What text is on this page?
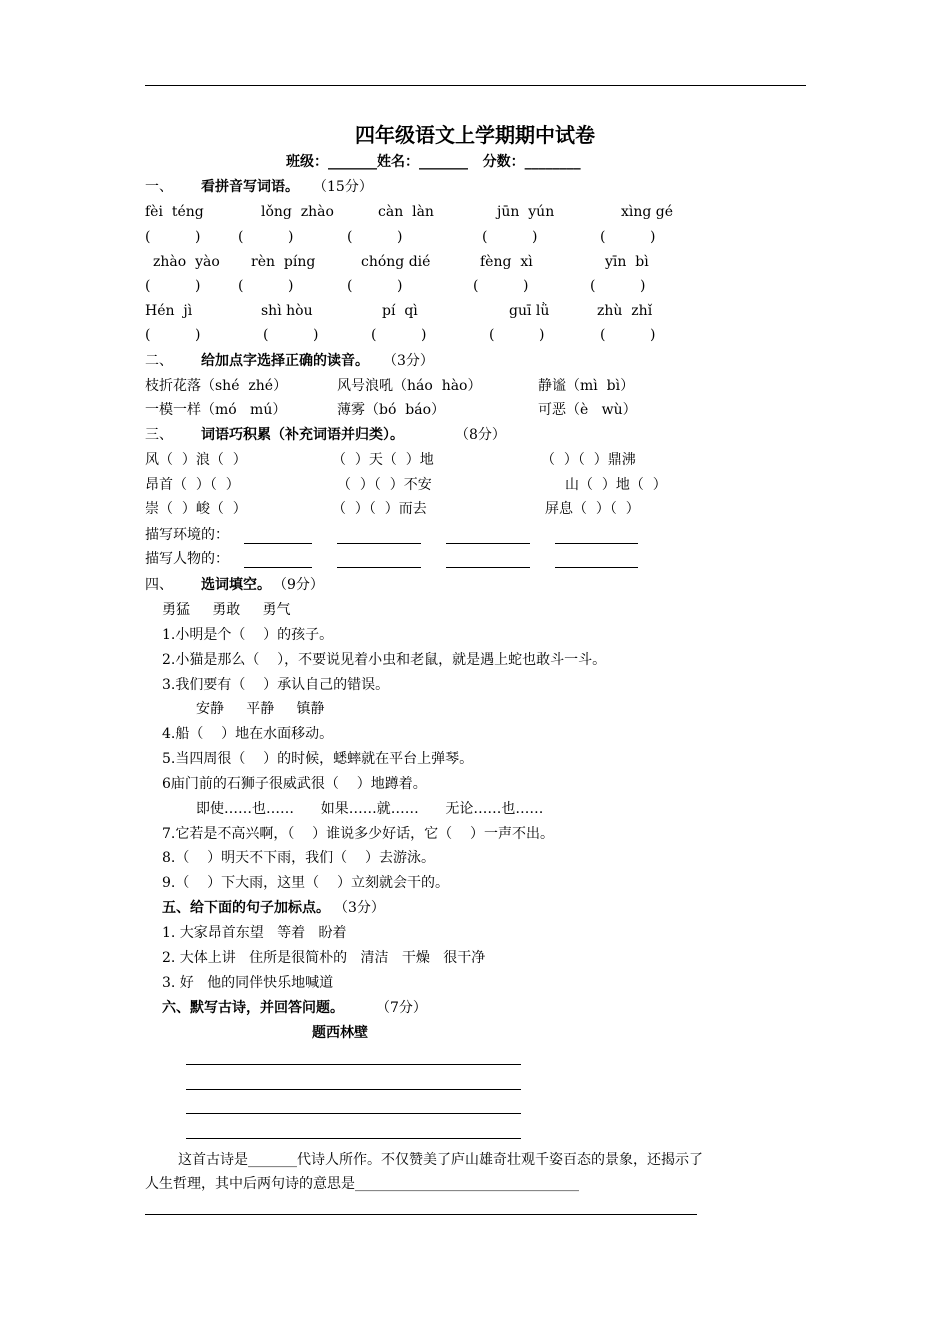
四年级语文上学期期中试卷
班级：_______姓名：_______   分数：________
一、 看拼音写词语。 （15分）
fèi  téng	lǒng  zhào	càn  làn	jūn  yún	xìng gé
(          )	(          )	(          )	(          )	(          )
zhào  yào rèn  píng	chóng dié	fèng  xì	yīn  bì
(          )	(          )	(          )	(          )	(          )
Hén  jì	shì hòu	pí  qì	guī lǜ	zhù  zhǐ
(          )	(          )	(          )	(          )	(          )
二、 给加点字选择正确的读音。 （3分）
枝折花落（shé  zhé）	风号浪吼（háo  hào）	静谧（mì  bì）
一模一样（mó   mú）	薄雾（bó  báo）	可恶（è   wù）
三、 词语巧积累（补充词语并归类）。	（8分）
风（  ）浪（  ）	（  ）天（  ）地	（  ）（  ）鼎沸
昂首（  ）（  ）	（  ）（  ）不安	山（  ）地（  ）
崇（  ）峻（  ）	（  ）（  ）而去	屏息（  ）（  ）
描写环境的：
描写人物的：
四、 选词填空。 （9分）
勇猛     勇敢     勇气
1.小明是个（    ）的孩子。
2.小猫是那么（    ），不要说见着小虫和老鼠，就是遇上蛇也敢斗一斗。
3.我们要有（    ）承认自己的错误。
安静     平静     镇静
4.船（    ）地在水面移动。
5.当四周很（    ）的时候，蟋蟀就在平台上弹琴。
6庙门前的石狮子很威武很（    ）地蹲着。
即使……也……      如果……就……      无论……也……
7.它若是不高兴啊，（    ）谁说多少好话，它（    ）一声不出。
8.（    ）明天不下雨，我们（    ）去游泳。
9.（    ）下大雨，这里（    ）立刻就会干的。
五、给下面的句子加标点。 （3分）
1. 大家昂首东望   等着   盼着
2. 大体上讲   住所是很简朴的   清洁   干燥   很干净
3. 好   他的同伴快乐地喊道
六、默写古诗，并回答问题。 （7分）
题西林壁
这首古诗是_______代诗人所作。不仅赞美了庐山雄奇壮观千姿百态的景象，还揭示了
人生哲理，其中后两句诗的意思是________________________________
